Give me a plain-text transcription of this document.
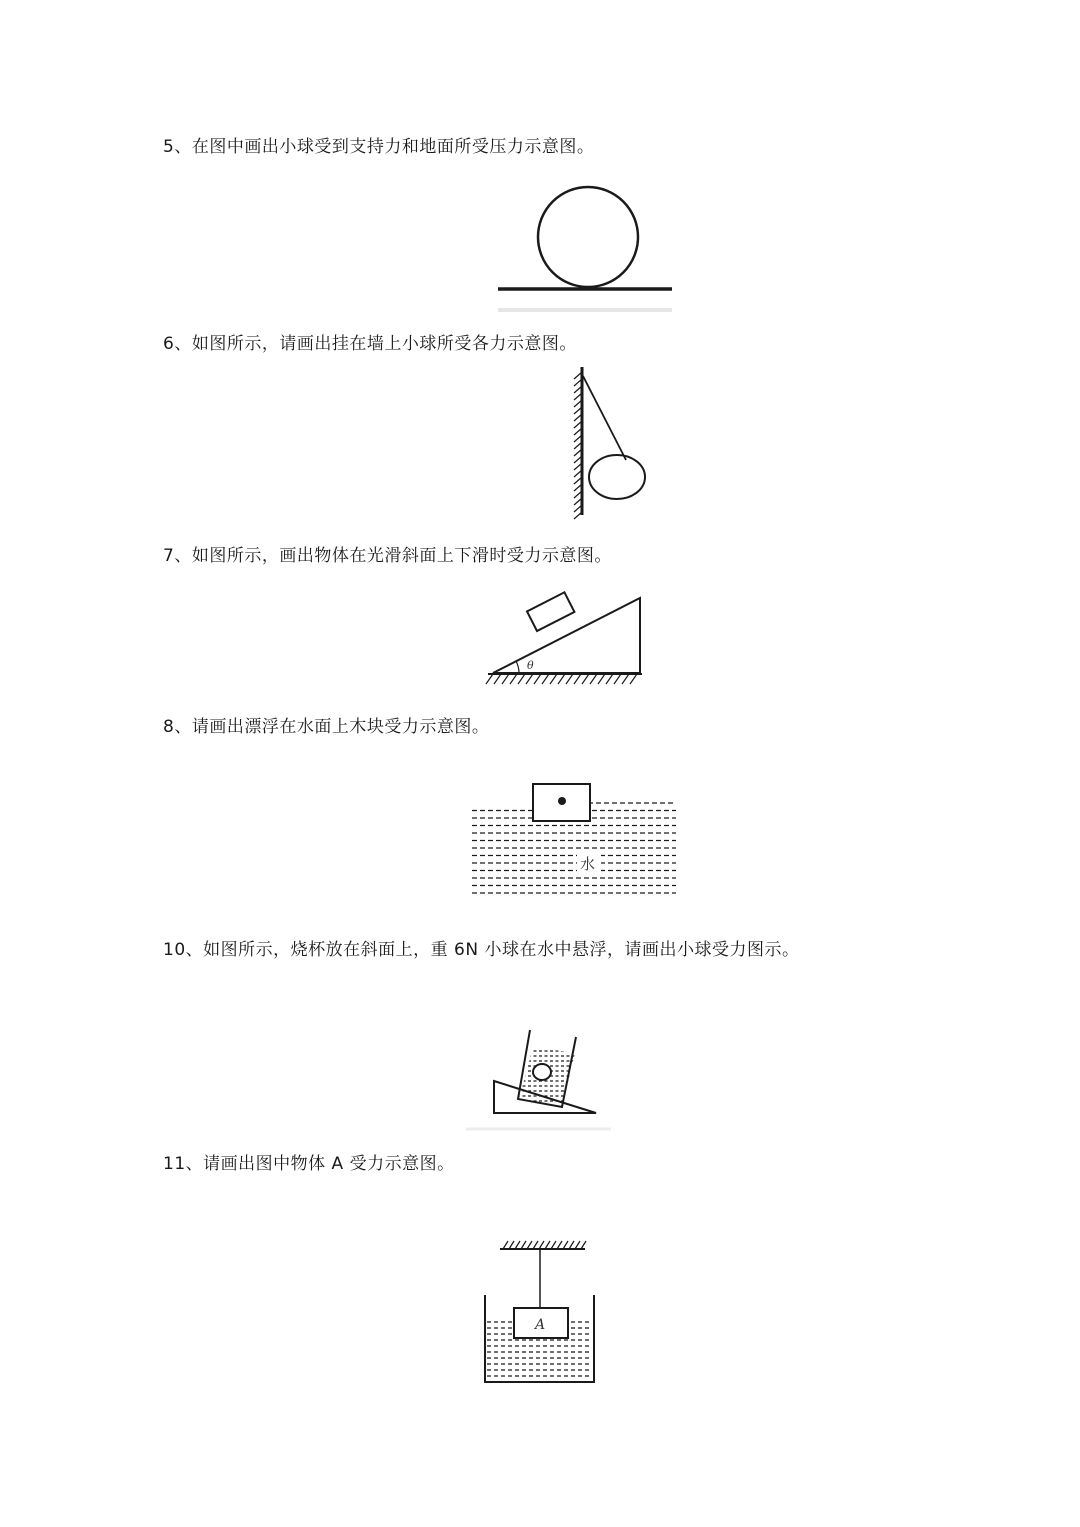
5、在图中画出小球受到支持力和地面所受压力示意图。
6、如图所示，请画出挂在墙上小球所受各力示意图。
7、如图所示，画出物体在光滑斜面上下滑时受力示意图。
θ
8、请画出漂浮在水面上木块受力示意图。
水
10、如图所示，烧杯放在斜面上，重 6N 小球在水中悬浮，请画出小球受力图示。
11、请画出图中物体 A 受力示意图。
A
